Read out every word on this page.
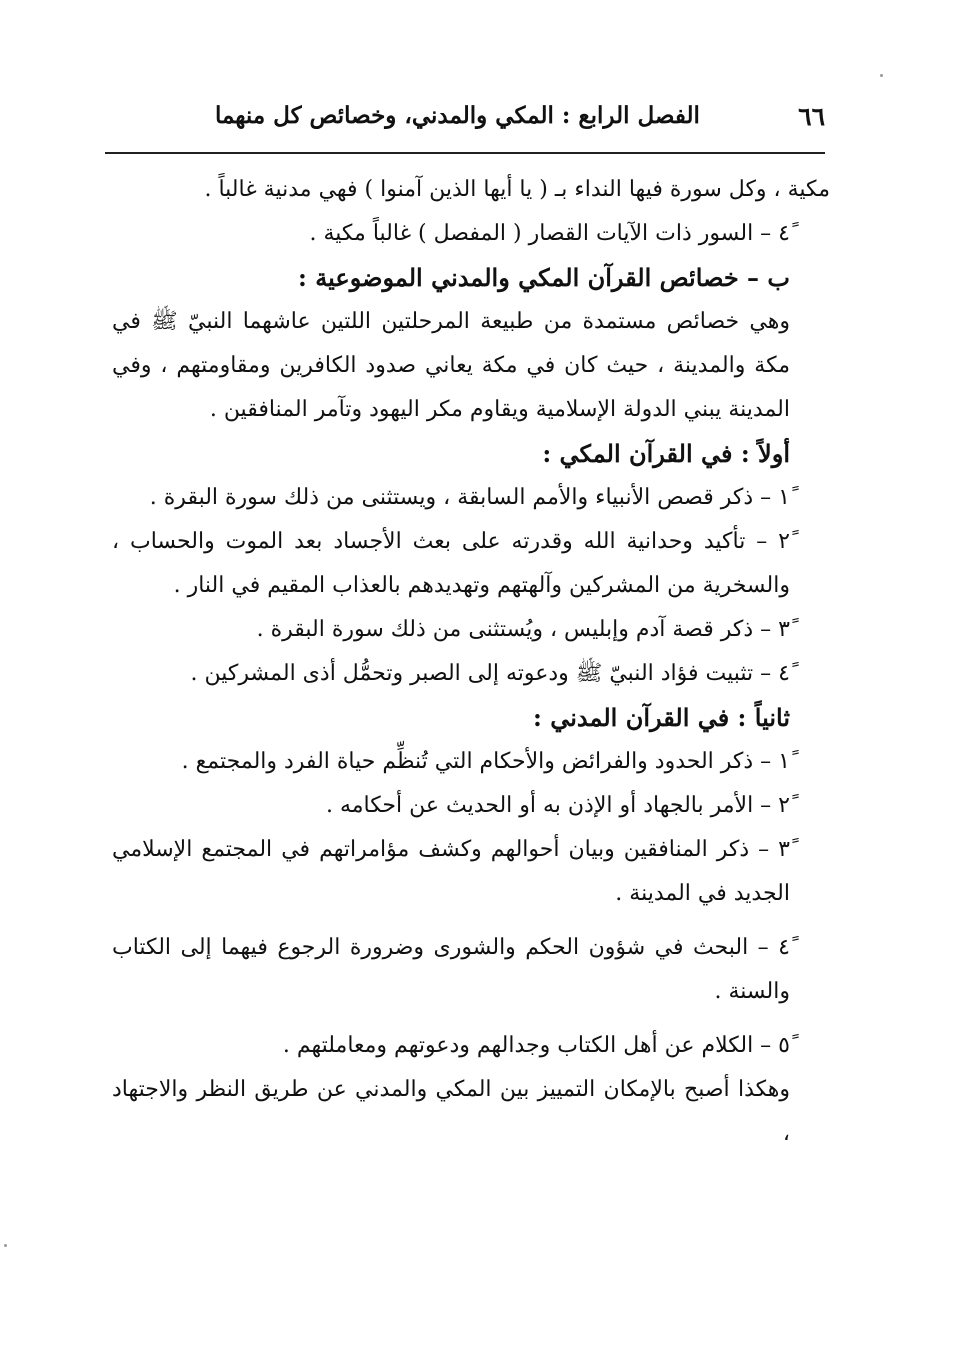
٦٦
الفصل الرابع : المكي والمدني، وخصائص كل منهما

مكية ، وكل سورة فيها النداء بـ ( يا أيها الذين آمنوا ) فهي مدنية غالباً .

٤ً – السور ذات الآيات القصار ( المفصل ) غالباً مكية .

ب – خصائص القرآن المكي والمدني الموضوعية :

وهي خصائص مستمدة من طبيعة المرحلتين اللتين عاشهما النبيّ ﷺ في مكة والمدينة ، حيث كان في مكة يعاني صدود الكافرين ومقاومتهم ، وفي المدينة يبني الدولة الإسلامية ويقاوم مكر اليهود وتآمر المنافقين .

أولاً : في القرآن المكي :

١ً – ذكر قصص الأنبياء والأمم السابقة ، ويستثنى من ذلك سورة البقرة .

٢ً – تأكيد وحدانية الله وقدرته على بعث الأجساد بعد الموت والحساب ، والسخرية من المشركين وآلهتهم وتهديدهم بالعذاب المقيم في النار .

٣ً – ذكر قصة آدم وإبليس ، ويُستثنى من ذلك سورة البقرة .

٤ً – تثبيت فؤاد النبيّ ﷺ ودعوته إلى الصبر وتحمُّل أذى المشركين .

ثانياً : في القرآن المدني :

١ً – ذكر الحدود والفرائض والأحكام التي تُنظِّم حياة الفرد والمجتمع .

٢ً – الأمر بالجهاد أو الإذن به أو الحديث عن أحكامه .

٣ً – ذكر المنافقين وبيان أحوالهم وكشف مؤامراتهم في المجتمع الإسلامي الجديد في المدينة .

٤ً – البحث في شؤون الحكم والشورى وضرورة الرجوع فيهما إلى الكتاب والسنة .

٥ً – الكلام عن أهل الكتاب وجدالهم ودعوتهم ومعاملتهم .

وهكذا أصبح بالإمكان التمييز بين المكي والمدني عن طريق النظر والاجتهاد ،
